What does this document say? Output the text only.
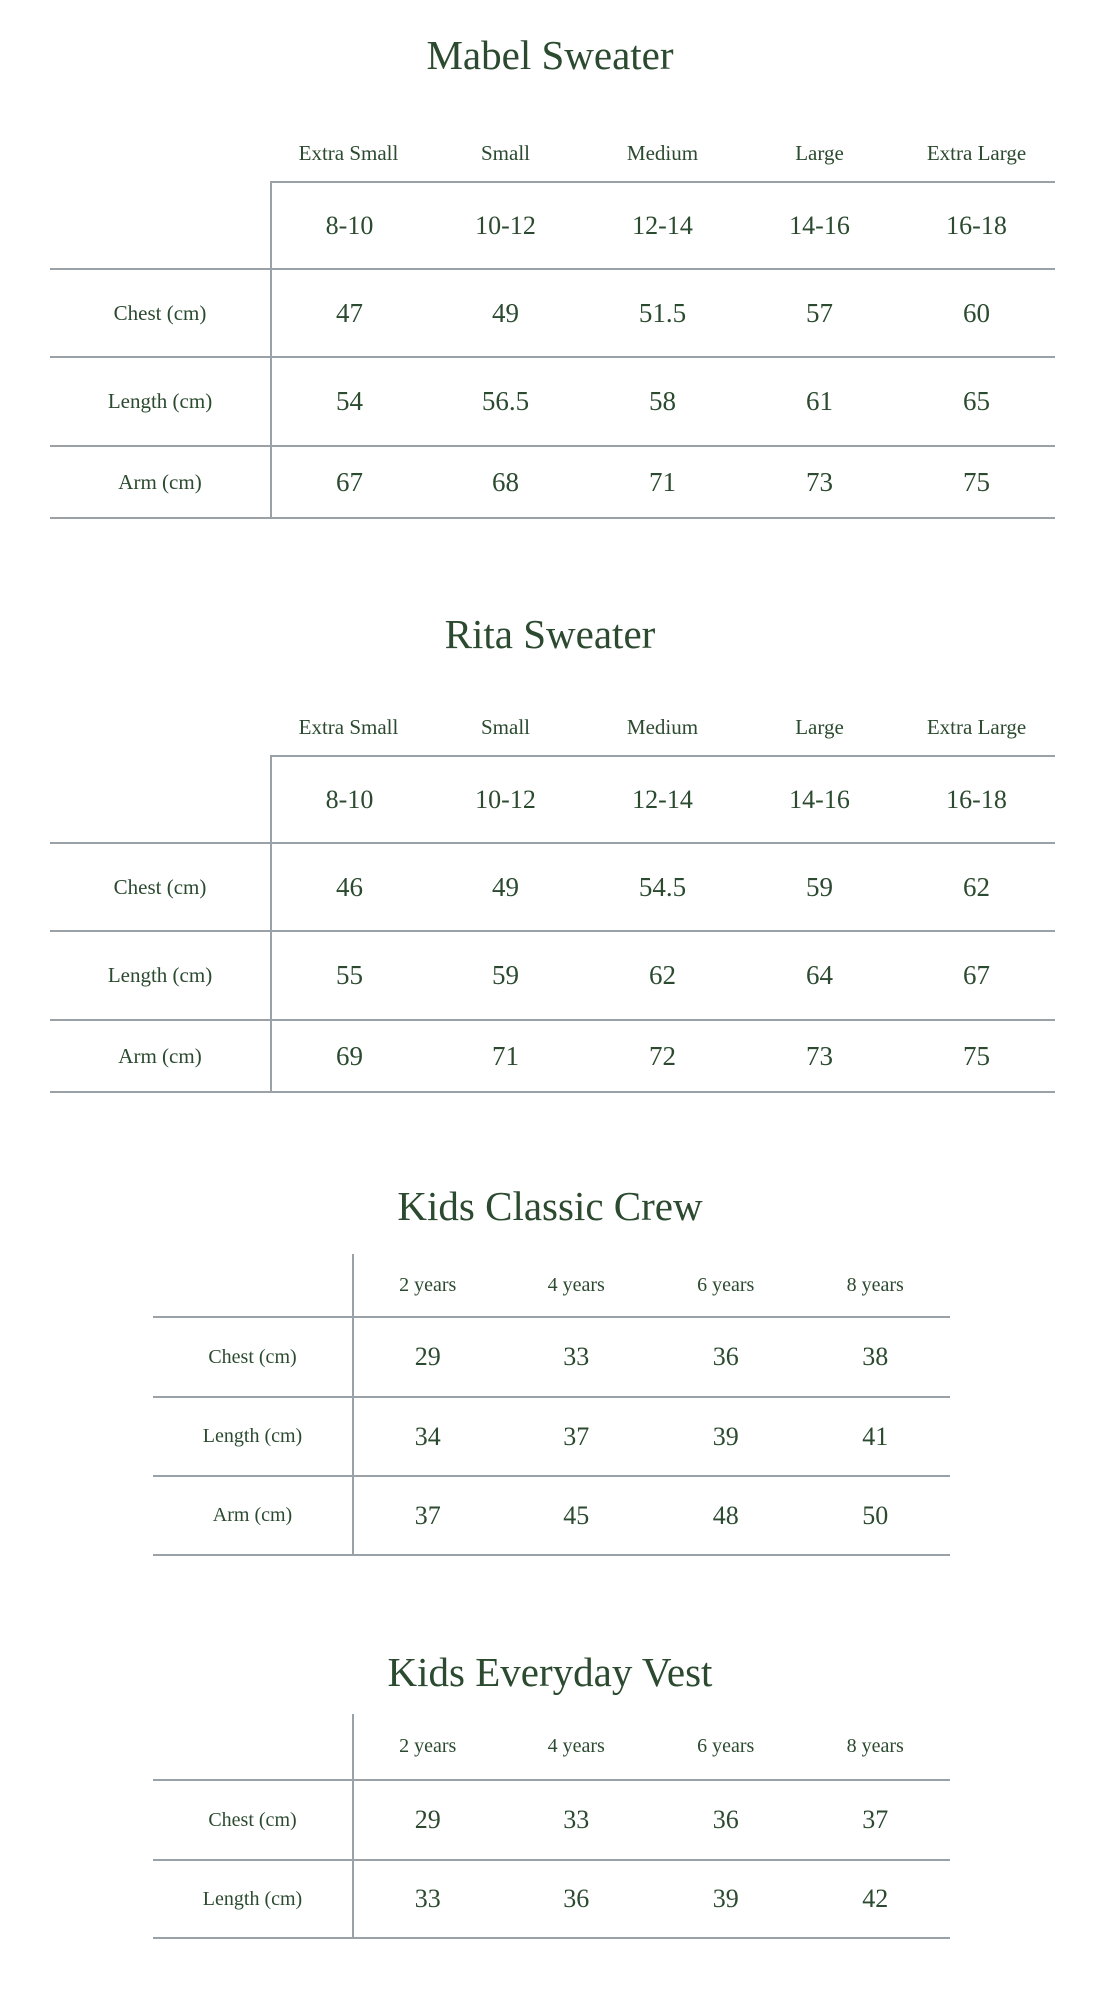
Mabel Sweater
Extra Small	Small	Medium	Large	Extra Large
8-10	10-12	12-14	14-16	16-18
Chest (cm)	47	49	51.5	57	60
Length (cm)	54	56.5	58	61	65
Arm (cm)	67	68	71	73	75
Rita Sweater
Extra Small	Small	Medium	Large	Extra Large
8-10	10-12	12-14	14-16	16-18
Chest (cm)	46	49	54.5	59	62
Length (cm)	55	59	62	64	67
Arm (cm)	69	71	72	73	75
Kids Classic Crew
2 years	4 years	6 years	8 years
Chest (cm)	29	33	36	38
Length (cm)	34	37	39	41
Arm (cm)	37	45	48	50
Kids Everyday Vest
2 years	4 years	6 years	8 years
Chest (cm)	29	33	36	37
Length (cm)	33	36	39	42
